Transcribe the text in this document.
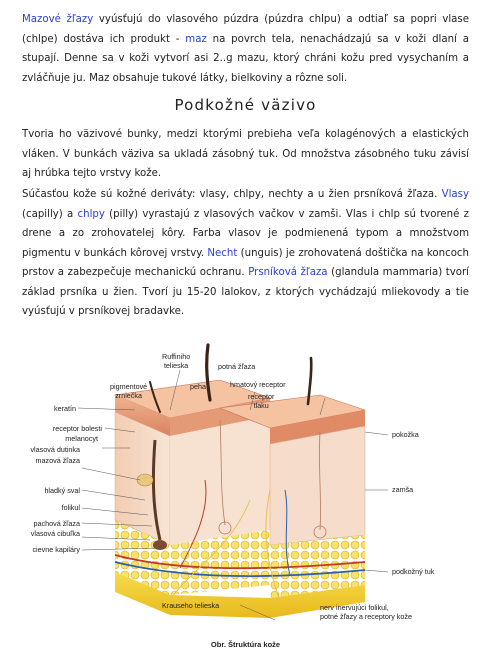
Mazové žľazy vyúsťujú do vlasového púzdra (púzdra chlpu) a odtiaľ sa popri vlase (chlpe) dostáva ich produkt - maz na povrch tela, nenachádzajú sa v koži dlaní a stupají. Denne sa v koži vytvorí asi 2..g mazu, ktorý chráni kožu pred vysychaním a zvláčňuje ju. Maz obsahuje tukové látky, bielkoviny a rôzne soli.

Podkožné väzivo

Tvoria ho väzivové bunky, medzi ktorými prebieha veľa kolagénových a elastických vláken. V bunkách väziva sa ukladá zásobný tuk. Od množstva zásobného tuku závisí aj hrúbka tejto vrstvy kože.

Súčasťou kože sú kožné deriváty: vlasy, chlpy, nechty a u žien prsníková žľaza. Vlasy (capilly) a chlpy (pilly) vyrastajú z vlasových vačkov v zamši. Vlas i chlp sú tvorené z drene a zo zrohovatelej kôry. Farba vlasov je podmienená typom a množstvom pigmentu v bunkách kôrovej vrstvy. Necht (unguis) je zrohovatená doštička na koncoch prstov a zabezpečuje mechanickú ochranu. Prsníková žľaza (glandula mammaria) tvorí základ prsníka u žien. Tvorí ju 15-20 lalokov, z ktorých vychádzajú mliekovody a tie vyúsťujú v prsníkovej bradavke.

Ruffiniho
telieska	potná žľaza
pigmentové
zrniečka
peha	hmatový receptor
receptor
tlaku
keratín
receptor bolesti
melanocyt
vlasová dutinka
mazová žľaza
hladký sval
folikul
pachová žľaza
vlasová cibuľka
cievne kapiláry
pokožka
zamša
podkožný tuk
Krauseho telieska	nerv inervujúci folikul,
potné žľazy a receptory kože
Obr. Štruktúra kože
